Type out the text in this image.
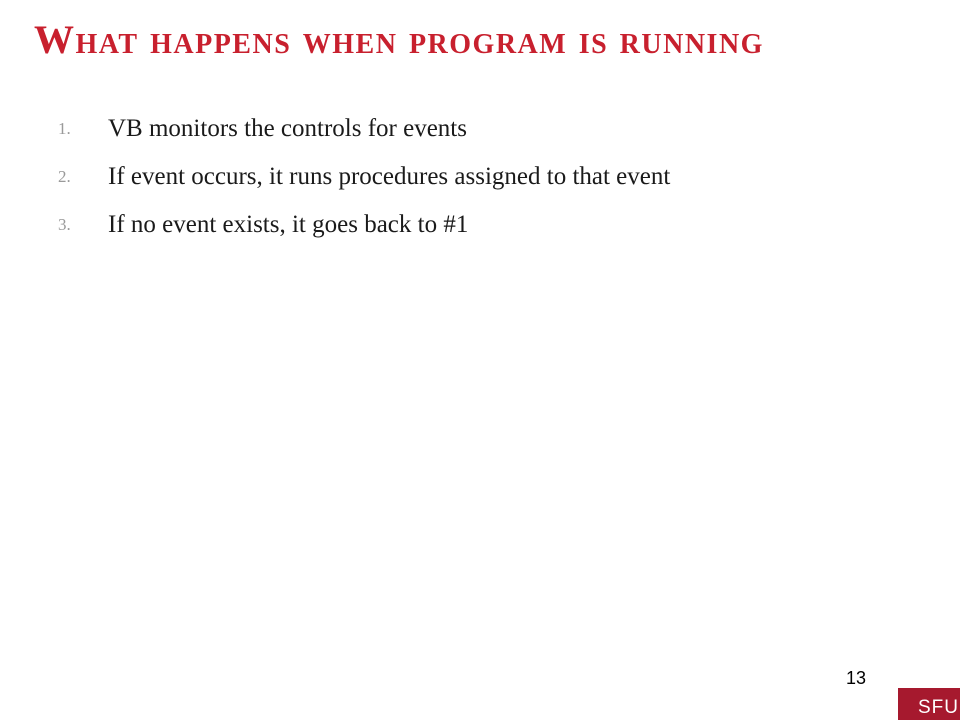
What happens when program is running
1.	VB monitors the controls for events
2.	If event occurs, it runs procedures assigned to that event
3.	If no event exists, it goes back to #1
13
SFU
